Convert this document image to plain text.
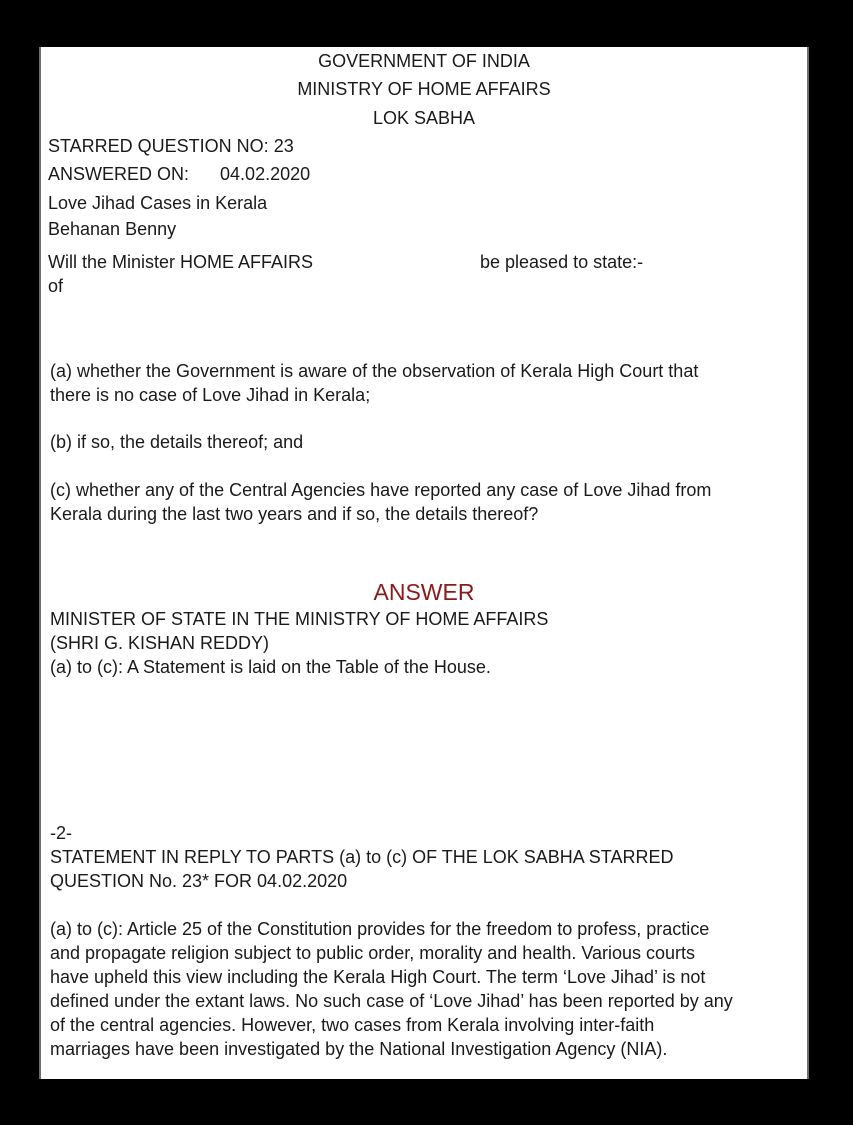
GOVERNMENT OF INDIA
MINISTRY OF HOME AFFAIRS
LOK SABHA
STARRED QUESTION NO: 23
ANSWERED ON: 04.02.2020
Love Jihad Cases in Kerala
Behanan Benny
Will the Minister HOME AFFAIRS	be pleased to state:-
of
(a) whether the Government is aware of the observation of Kerala High Court that
there is no case of Love Jihad in Kerala;
(b) if so, the details thereof; and
(c) whether any of the Central Agencies have reported any case of Love Jihad from
Kerala during the last two years and if so, the details thereof?
ANSWER
MINISTER OF STATE IN THE MINISTRY OF HOME AFFAIRS
(SHRI G. KISHAN REDDY)
(a) to (c): A Statement is laid on the Table of the House.
-2-
STATEMENT IN REPLY TO PARTS (a) to (c) OF THE LOK SABHA STARRED
QUESTION No. 23* FOR 04.02.2020
(a) to (c): Article 25 of the Constitution provides for the freedom to profess, practice
and propagate religion subject to public order, morality and health. Various courts
have upheld this view including the Kerala High Court. The term ‘Love Jihad’ is not
defined under the extant laws. No such case of ‘Love Jihad’ has been reported by any
of the central agencies. However, two cases from Kerala involving inter-faith
marriages have been investigated by the National Investigation Agency (NIA).
